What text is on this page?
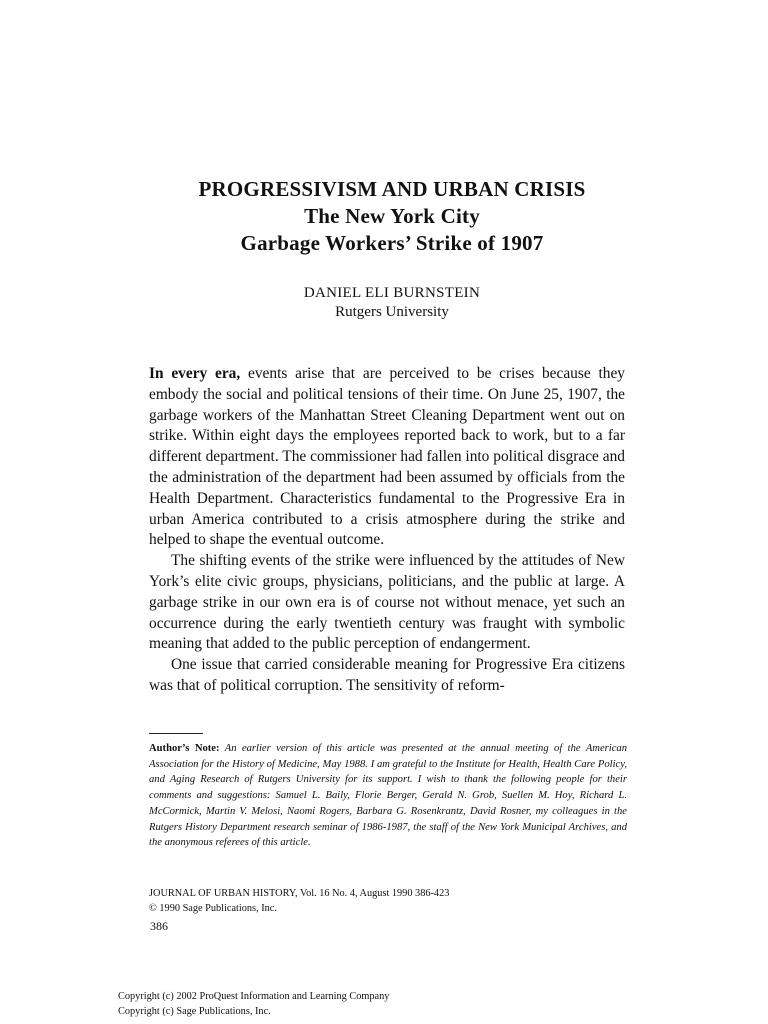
PROGRESSIVISM AND URBAN CRISIS
The New York City
Garbage Workers’ Strike of 1907
DANIEL ELI BURNSTEIN
Rutgers University

In every era, events arise that are perceived to be crises because they embody the social and political tensions of their time. On June 25, 1907, the garbage workers of the Manhattan Street Cleaning Department went out on strike. Within eight days the employees reported back to work, but to a far different department. The commissioner had fallen into political disgrace and the administration of the department had been assumed by officials from the Health Department. Characteristics fundamental to the Progressive Era in urban America contributed to a crisis atmosphere during the strike and helped to shape the eventual outcome.

The shifting events of the strike were influenced by the attitudes of New York’s elite civic groups, physicians, politicians, and the public at large. A garbage strike in our own era is of course not without menace, yet such an occurrence during the early twentieth century was fraught with symbolic meaning that added to the public perception of endangerment.

One issue that carried considerable meaning for Progressive Era citizens was that of political corruption. The sensitivity of reform-

Author’s Note: An earlier version of this article was presented at the annual meeting of the American Association for the History of Medicine, May 1988. I am grateful to the Institute for Health, Health Care Policy, and Aging Research of Rutgers University for its support. I wish to thank the following people for their comments and suggestions: Samuel L. Baily, Florie Berger, Gerald N. Grob, Suellen M. Hoy, Richard L. McCormick, Martin V. Melosi, Naomi Rogers, Barbara G. Rosenkrantz, David Rosner, my colleagues in the Rutgers History Department research seminar of 1986-1987, the staff of the New York Municipal Archives, and the anonymous referees of this article.
JOURNAL OF URBAN HISTORY, Vol. 16 No. 4, August 1990 386-423
© 1990 Sage Publications, Inc.
386
Copyright (c) 2002 ProQuest Information and Learning Company
Copyright (c) Sage Publications, Inc.
